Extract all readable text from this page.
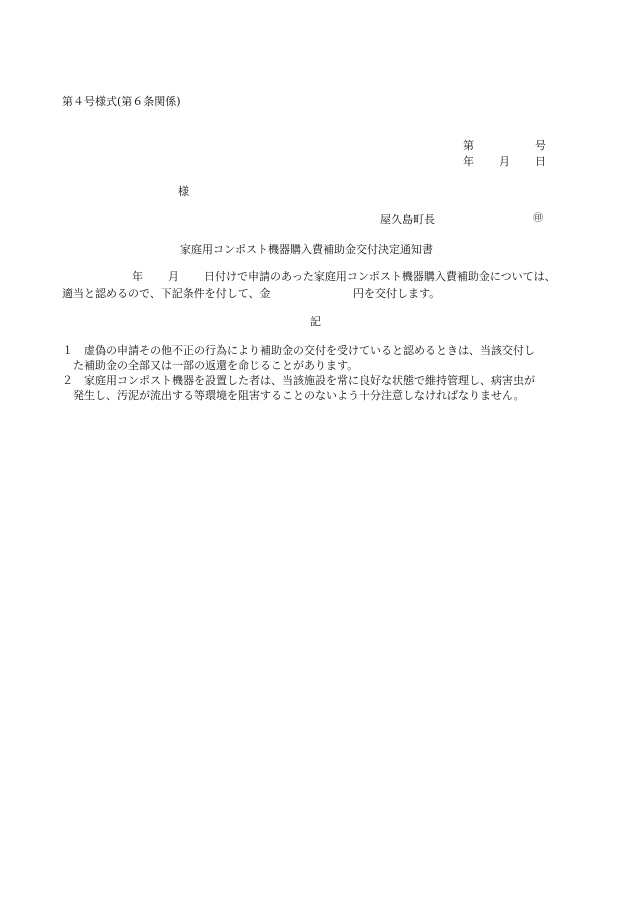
第４号様式(第６条関係)
第	号
年 月 日
様
屋久島町長	㊞
家庭用コンポスト機器購入費補助金交付決定通知書
年 月 日付けで申請のあった家庭用コンポスト機器購入費補助金については、
適当と認めるので、下記条件を付して、金	円を交付します。
記
１　虚偽の申請その他不正の行為により補助金の交付を受けていると認めるときは、当該交付し
　た補助金の全部又は一部の返還を命じることがあります。
２　家庭用コンポスト機器を設置した者は、当該施設を常に良好な状態で維持管理し、病害虫が
　発生し、汚泥が流出する等環境を阻害することのないよう十分注意しなければなりません。
